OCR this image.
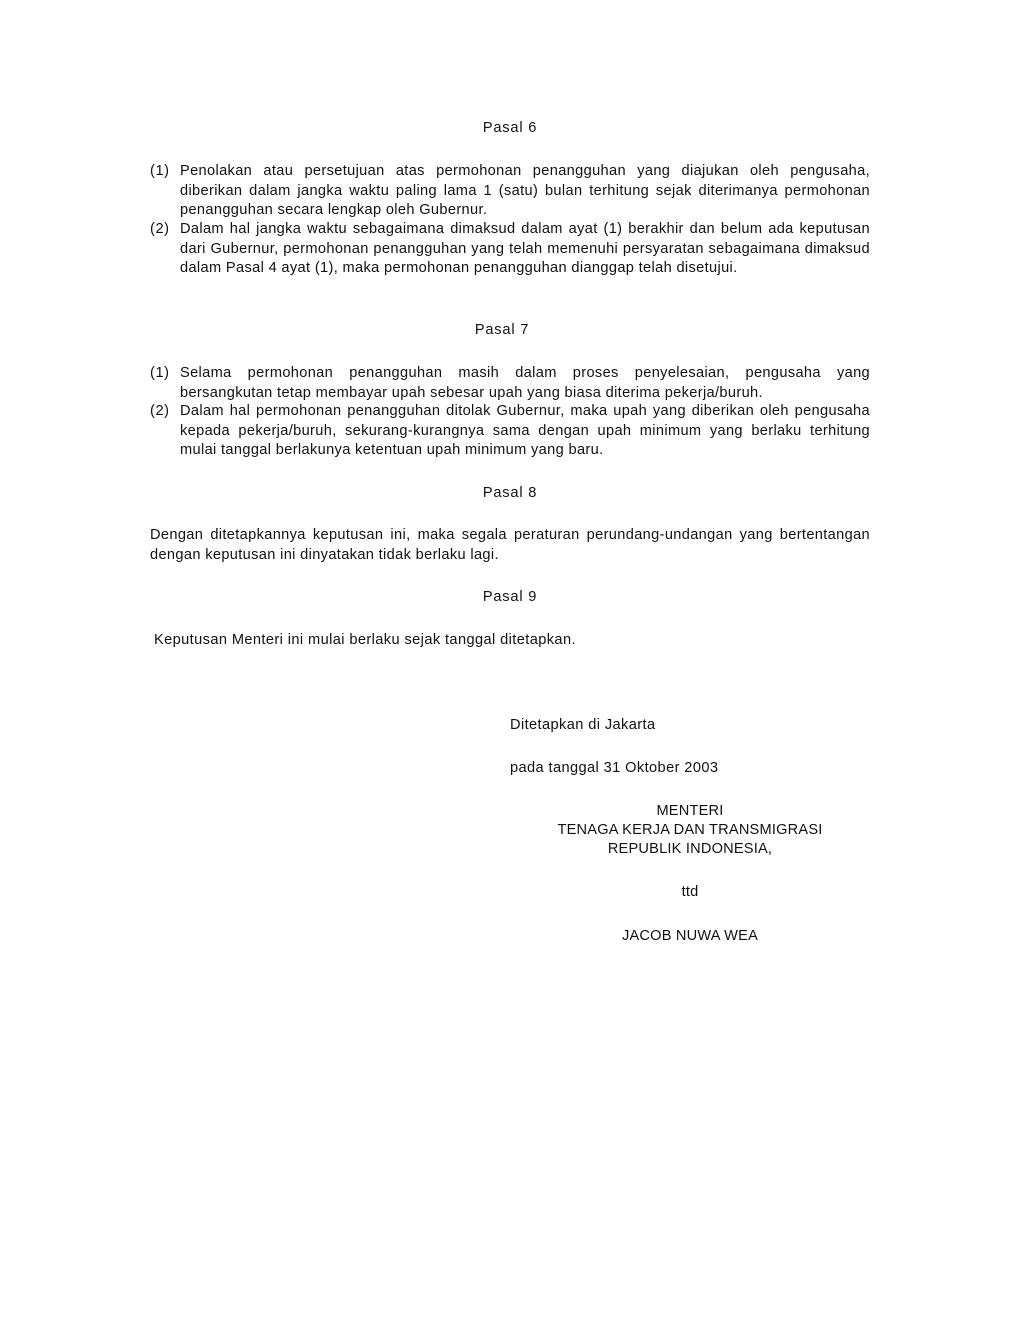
Pasal 6
(1) Penolakan atau persetujuan atas permohonan penangguhan yang diajukan oleh pengusaha, diberikan dalam jangka waktu paling lama 1 (satu) bulan terhitung sejak diterimanya permohonan penangguhan secara lengkap oleh Gubernur.
(2) Dalam hal jangka waktu sebagaimana dimaksud dalam ayat (1) berakhir dan belum ada keputusan dari Gubernur, permohonan penangguhan yang telah memenuhi persyaratan sebagaimana dimaksud dalam Pasal 4 ayat (1), maka permohonan penangguhan dianggap telah disetujui.
Pasal 7
(1) Selama permohonan penangguhan masih dalam proses penyelesaian, pengusaha yang bersangkutan tetap membayar upah sebesar upah yang biasa diterima pekerja/buruh.
(2) Dalam hal permohonan penangguhan ditolak Gubernur, maka upah yang diberikan oleh pengusaha kepada pekerja/buruh, sekurang-kurangnya sama dengan upah minimum yang berlaku terhitung mulai tanggal berlakunya ketentuan upah minimum yang baru.
Pasal 8
Dengan ditetapkannya keputusan ini, maka segala peraturan perundang-undangan yang bertentangan dengan keputusan ini dinyatakan tidak berlaku lagi.
Pasal 9
Keputusan Menteri ini mulai berlaku sejak tanggal ditetapkan.
Ditetapkan di Jakarta
pada tanggal 31 Oktober 2003
MENTERI
TENAGA KERJA DAN TRANSMIGRASI
REPUBLIK INDONESIA,
ttd
JACOB NUWA WEA
